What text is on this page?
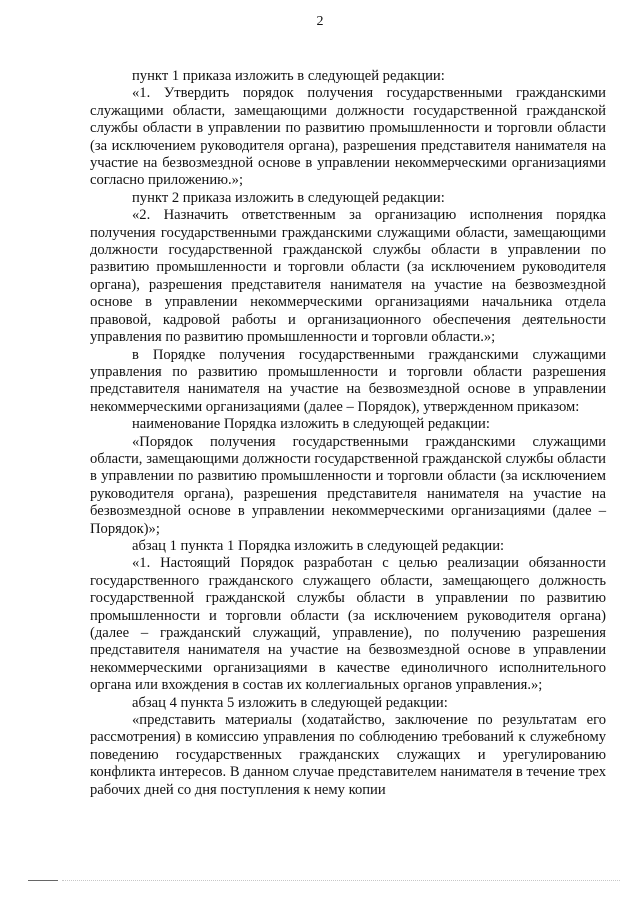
2

пункт 1 приказа изложить в следующей редакции:

«1. Утвердить порядок получения государственными гражданскими служащими области, замещающими должности государственной гражданской службы области в управлении по развитию промышленности и торговли области (за исключением руководителя органа), разрешения представителя нанимателя на участие на безвозмездной основе в управлении некоммерческими организациями согласно приложению.»;

пункт 2 приказа изложить в следующей редакции:

«2. Назначить ответственным за организацию исполнения порядка получения государственными гражданскими служащими области, замещающими должности государственной гражданской службы области в управлении по развитию промышленности и торговли области (за исключением руководителя органа), разрешения представителя нанимателя на участие на безвозмездной основе в управлении некоммерческими организациями начальника отдела правовой, кадровой работы и организационного обеспечения деятельности управления по развитию промышленности и торговли области.»;

в Порядке получения государственными гражданскими служащими управления по развитию промышленности и торговли области разрешения представителя нанимателя на участие на безвозмездной основе в управлении некоммерческими организациями (далее – Порядок), утвержденном приказом:

наименование Порядка изложить в следующей редакции:

«Порядок получения государственными гражданскими служащими области, замещающими должности государственной гражданской службы области в управлении по развитию промышленности и торговли области (за исключением руководителя органа), разрешения представителя нанимателя на участие на безвозмездной основе в управлении некоммерческими организациями (далее – Порядок)»;

абзац 1 пункта 1 Порядка изложить в следующей редакции:

«1. Настоящий Порядок разработан с целью реализации обязанности государственного гражданского служащего области, замещающего должность государственной гражданской службы области в управлении по развитию промышленности и торговли области (за исключением руководителя органа) (далее – гражданский служащий, управление), по получению разрешения представителя нанимателя на участие на безвозмездной основе в управлении некоммерческими организациями в качестве единоличного исполнительного органа или вхождения в состав их коллегиальных органов управления.»;

абзац 4 пункта 5 изложить в следующей редакции:

«представить материалы (ходатайство, заключение по результатам его рассмотрения) в комиссию управления по соблюдению требований к служебному поведению государственных гражданских служащих и урегулированию конфликта интересов. В данном случае представителем нанимателя в течение трех рабочих дней со дня поступления к нему копии
